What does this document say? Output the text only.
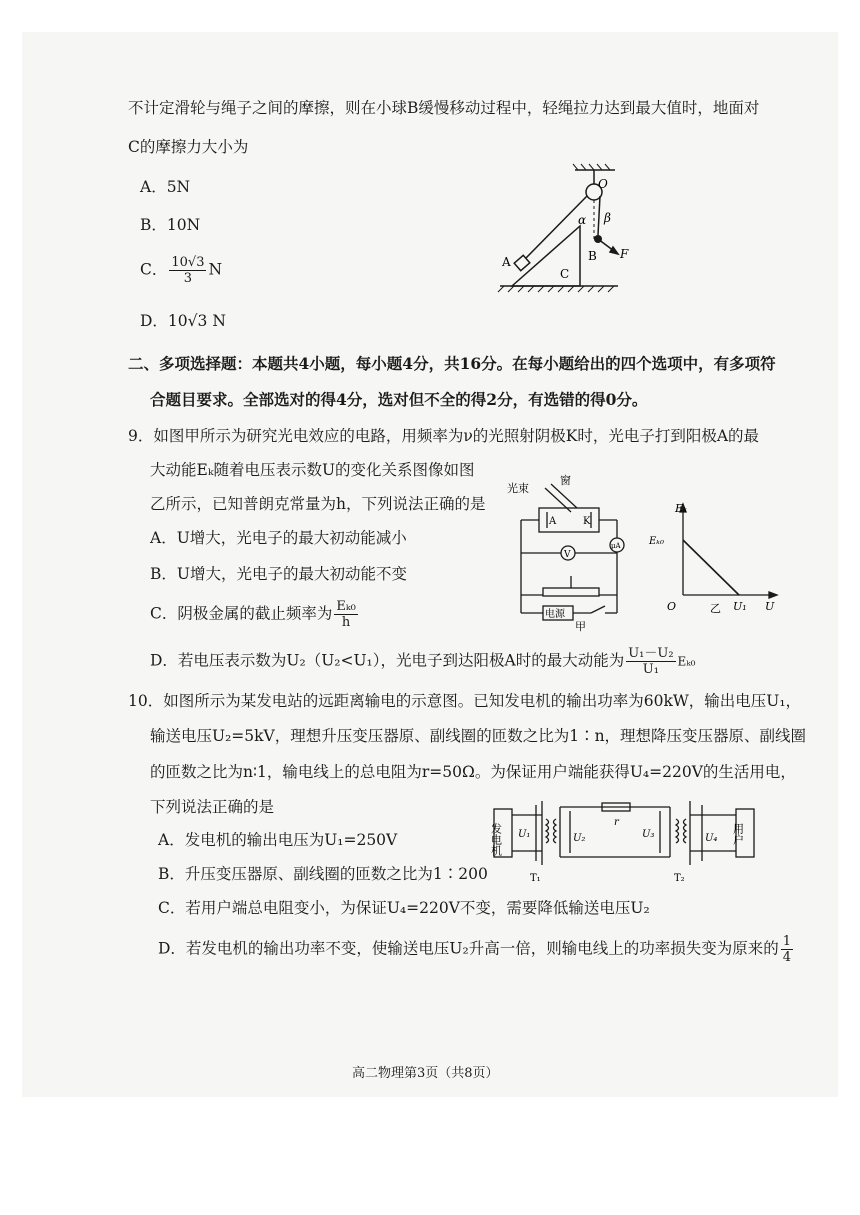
不计定滑轮与绳子之间的摩擦，则在小球B缓慢移动过程中，轻绳拉力达到最大值时，地面对
C的摩擦力大小为
A．5N
B．10N
C． $\frac{10√3}{3}$ N
D．10√3 N
O
α β
A	B
C
F
二、多项选择题：本题共4小题，每小题4分，共16分。在每小题给出的四个选项中，有多项符
合题目要求。全部选对的得4分，选对但不全的得2分，有选错的得0分。
9．如图甲所示为研究光电效应的电路，用频率为ν的光照射阴极K时，光电子打到阳极A的最
大动能Eₖ随着电压表示数U的变化关系图像如图
乙所示，已知普朗克常量为h，下列说法正确的是
A．U增大，光电子的最大初动能减小
B．U增大，光电子的最大初动能不变
C．阴极金属的截止频率为 $\frac{\text{Eₖ₀}}{h}$
D．若电压表示数为U₂（U₂<U₁），光电子到达阳极A时的最大动能为 $\frac{\text{U₁－U₂}}{\text{U₁}} E_{k0}$
光束
窗
A	K
V
μA
电源
甲
Eₖ
Eₖ₀
O	乙 U₁ U
10．如图所示为某发电站的远距离输电的示意图。已知发电机的输出功率为60kW，输出电压U₁，
输送电压U₂=5kV，理想升压变压器原、副线圈的匝数之比为1∶n，理想降压变压器原、副线圈
的匝数之比为n∶1，输电线上的总电阻为r=50Ω。为保证用户端能获得U₄=220V的生活用电，
下列说法正确的是
A．发电机的输出电压为U₁=250V
B．升压变压器原、副线圈的匝数之比为1∶200
C．若用户端总电阻变小，为保证U₄=220V不变，需要降低输送电压U₂
D．若发电机的输出功率不变，使输送电压U₂升高一倍，则输电线上的功率损失变为原来的 $\frac{1}{4}$
发电机	用户
U₁	U₂	U₃	U₄
r
T₁	T₂
高二物理第3页（共8页）
